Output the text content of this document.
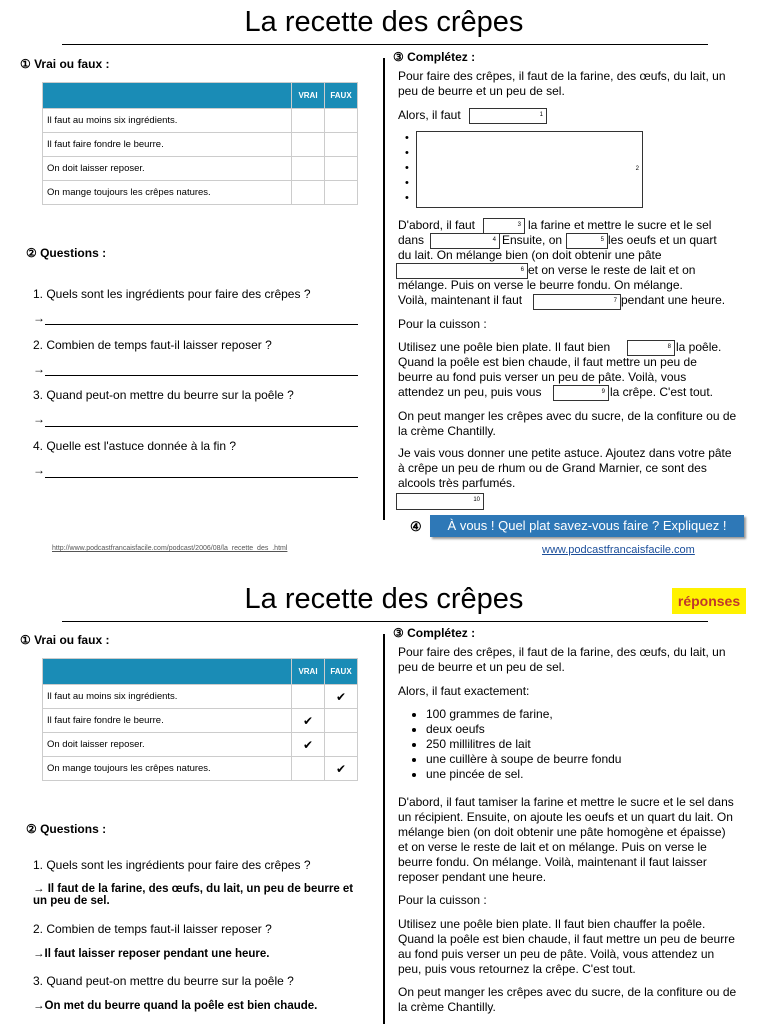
La recette des crêpes
① Vrai ou faux :
	VRAI	FAUX
Il faut au moins six ingrédients.		
Il faut faire fondre le beurre.		
On doit laisser reposer.		
On mange toujours les crêpes natures.		
② Questions :
1. Quels sont les ingrédients pour faire des crêpes ?
→
2. Combien de temps faut-il laisser reposer ?
→
3. Quand peut-on mettre du beurre sur la poêle ?
→
4. Quelle est l'astuce donnée à la fin ?
→
③ Complétez :
Pour faire des crêpes, il faut de la farine, des œufs, du lait, un peu de beurre et un peu de sel.
Alors, il faut	1
2
•
•
•
•
•
D'abord, il faut	3 la farine et mettre le sucre et le sel
dans	4 Ensuite, on	5 les oeufs et un quart
du lait. On mélange bien (on doit obtenir une pâte
6 et on verse le reste de lait et on
mélange. Puis on verse le beurre fondu. On mélange.
Voilà, maintenant il faut	7 pendant une heure.
Pour la cuisson :
Utilisez une poêle bien plate. Il faut bien	8 la poêle.
Quand la poêle est bien chaude, il faut mettre un peu de
beurre au fond puis verser un peu de pâte. Voilà, vous
attendez un peu, puis vous	9 la crêpe. C'est tout.
On peut manger les crêpes avec du sucre, de la confiture ou de la crème Chantilly.
Je vais vous donner une petite astuce. Ajoutez dans votre pâte à crêpe un peu de rhum ou de Grand Marnier, ce sont des alcools très parfumés.
10
④	À vous ! Quel plat savez-vous faire ? Expliquez !
http://www.podcastfrancaisfacile.com/podcast/2006/08/la_recette_des_.html	www.podcastfrancaisfacile.com
La recette des crêpes	réponses
① Vrai ou faux :
	VRAI	FAUX
Il faut au moins six ingrédients.		✔
Il faut faire fondre le beurre.	✔	
On doit laisser reposer.	✔	
On mange toujours les crêpes natures.		✔
② Questions :
1. Quels sont les ingrédients pour faire des crêpes ?
→ Il faut de la farine, des œufs, du lait, un peu de beurre et un peu de sel.
2. Combien de temps faut-il laisser reposer ?
→Il faut laisser reposer pendant une heure.
3. Quand peut-on mettre du beurre sur la poêle ?
→On met du beurre quand la poêle est bien chaude.
③ Complétez :
Pour faire des crêpes, il faut de la farine, des œufs, du lait, un peu de beurre et un peu de sel.
Alors, il faut exactement:
• 100 grammes de farine,
• deux oeufs
• 250 millilitres de lait
• une cuillère à soupe de beurre fondu
• une pincée de sel.
D'abord, il faut tamiser la farine et mettre le sucre et le sel dans un récipient. Ensuite, on ajoute les oeufs et un quart du lait. On mélange bien (on doit obtenir une pâte homogène et épaisse) et on verse le reste de lait et on mélange. Puis on verse le beurre fondu. On mélange. Voilà, maintenant il faut laisser reposer pendant une heure.
Pour la cuisson :
Utilisez une poêle bien plate. Il faut bien chauffer la poêle. Quand la poêle est bien chaude, il faut mettre un peu de beurre au fond puis verser un peu de pâte. Voilà, vous attendez un peu, puis vous retournez la crêpe. C'est tout.
On peut manger les crêpes avec du sucre, de la confiture ou de la crème Chantilly.
